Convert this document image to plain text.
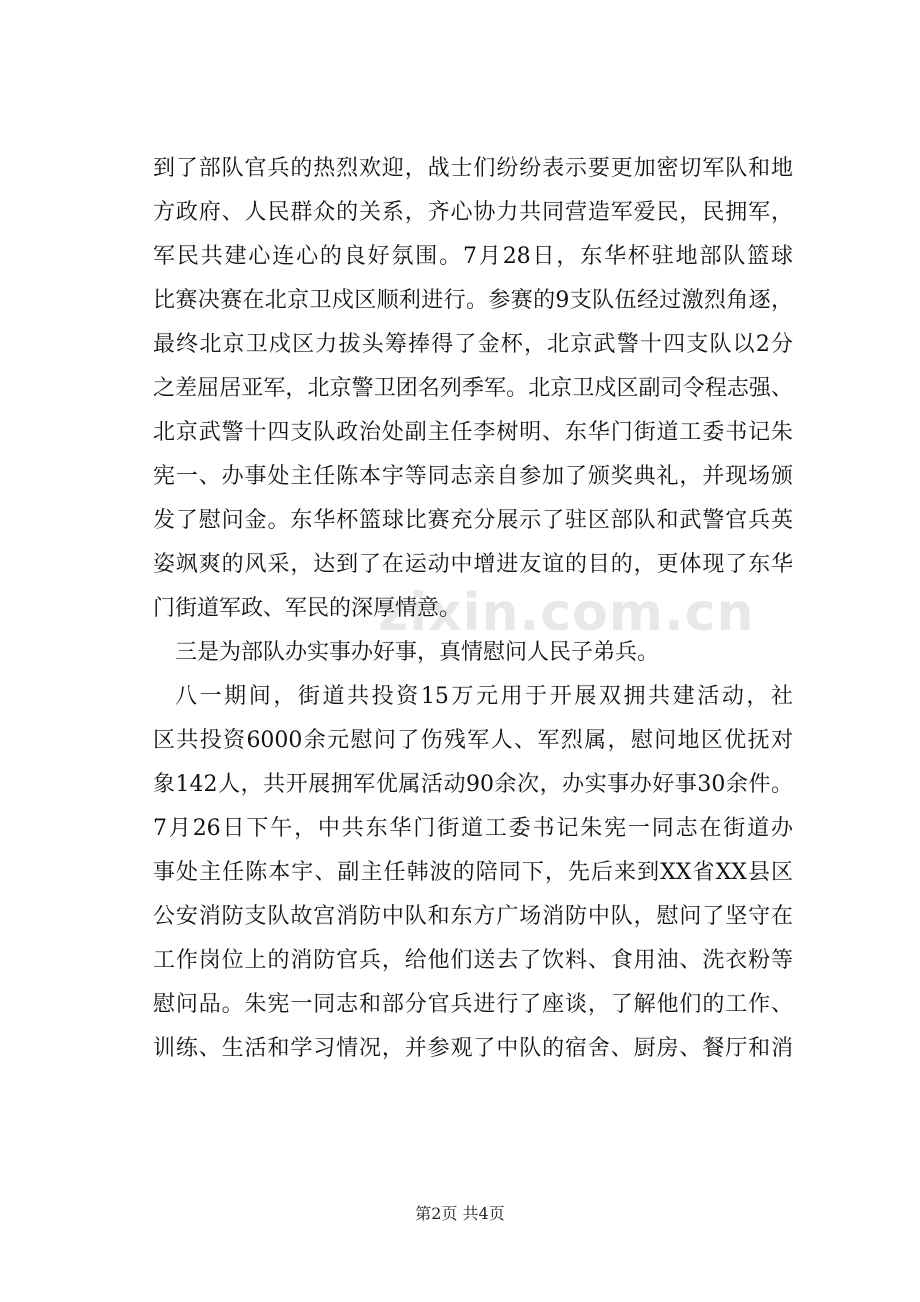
zixin.com.cn
到了部队官兵的热烈欢迎，战士们纷纷表示要更加密切军队和地
方政府、人民群众的关系，齐心协力共同营造军爱民，民拥军，
军民共建心连心的良好氛围。7月28日，东华杯驻地部队篮球
比赛决赛在北京卫戍区顺利进行。参赛的9支队伍经过激烈角逐，
最终北京卫戍区力拔头筹捧得了金杯，北京武警十四支队以2分
之差屈居亚军，北京警卫团名列季军。北京卫戍区副司令程志强、
北京武警十四支队政治处副主任李树明、东华门街道工委书记朱
宪一、办事处主任陈本宇等同志亲自参加了颁奖典礼，并现场颁
发了慰问金。东华杯篮球比赛充分展示了驻区部队和武警官兵英
姿飒爽的风采，达到了在运动中增进友谊的目的，更体现了东华
门街道军政、军民的深厚情意。
三是为部队办实事办好事，真情慰问人民子弟兵。
八一期间，街道共投资15万元用于开展双拥共建活动，社
区共投资6000余元慰问了伤残军人、军烈属，慰问地区优抚对
象142人，共开展拥军优属活动90余次，办实事办好事30余件。
7月26日下午，中共东华门街道工委书记朱宪一同志在街道办
事处主任陈本宇、副主任韩波的陪同下，先后来到XX省XX县区
公安消防支队故宫消防中队和东方广场消防中队，慰问了坚守在
工作岗位上的消防官兵，给他们送去了饮料、食用油、洗衣粉等
慰问品。朱宪一同志和部分官兵进行了座谈，了解他们的工作、
训练、生活和学习情况，并参观了中队的宿舍、厨房、餐厅和消
第2页 共4页
